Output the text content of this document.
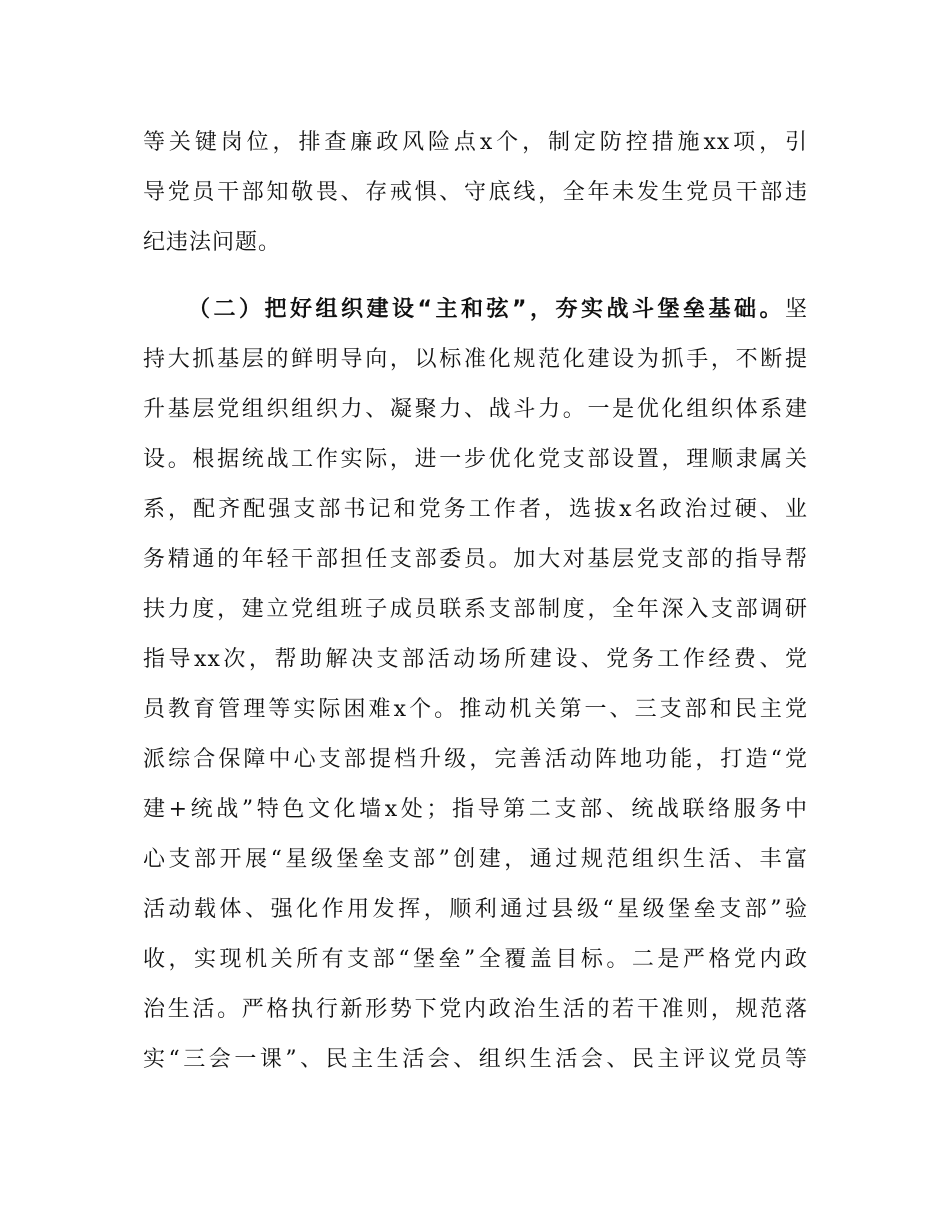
等关键岗位，排查廉政风险点x个，制定防控措施xx项，引
导党员干部知敬畏、存戒惧、守底线，全年未发生党员干部违
纪违法问题。
（二）把好组织建设“主和弦”，夯实战斗堡垒基础。坚
持大抓基层的鲜明导向，以标准化规范化建设为抓手，不断提
升基层党组织组织力、凝聚力、战斗力。一是优化组织体系建
设。根据统战工作实际，进一步优化党支部设置，理顺隶属关
系，配齐配强支部书记和党务工作者，选拔x名政治过硬、业
务精通的年轻干部担任支部委员。加大对基层党支部的指导帮
扶力度，建立党组班子成员联系支部制度，全年深入支部调研
指导xx次，帮助解决支部活动场所建设、党务工作经费、党
员教育管理等实际困难x个。推动机关第一、三支部和民主党
派综合保障中心支部提档升级，完善活动阵地功能，打造“党
建+统战”特色文化墙x处；指导第二支部、统战联络服务中
心支部开展“星级堡垒支部”创建，通过规范组织生活、丰富
活动载体、强化作用发挥，顺利通过县级“星级堡垒支部”验
收，实现机关所有支部“堡垒”全覆盖目标。二是严格党内政
治生活。严格执行新形势下党内政治生活的若干准则，规范落
实“三会一课”、民主生活会、组织生活会、民主评议党员等
